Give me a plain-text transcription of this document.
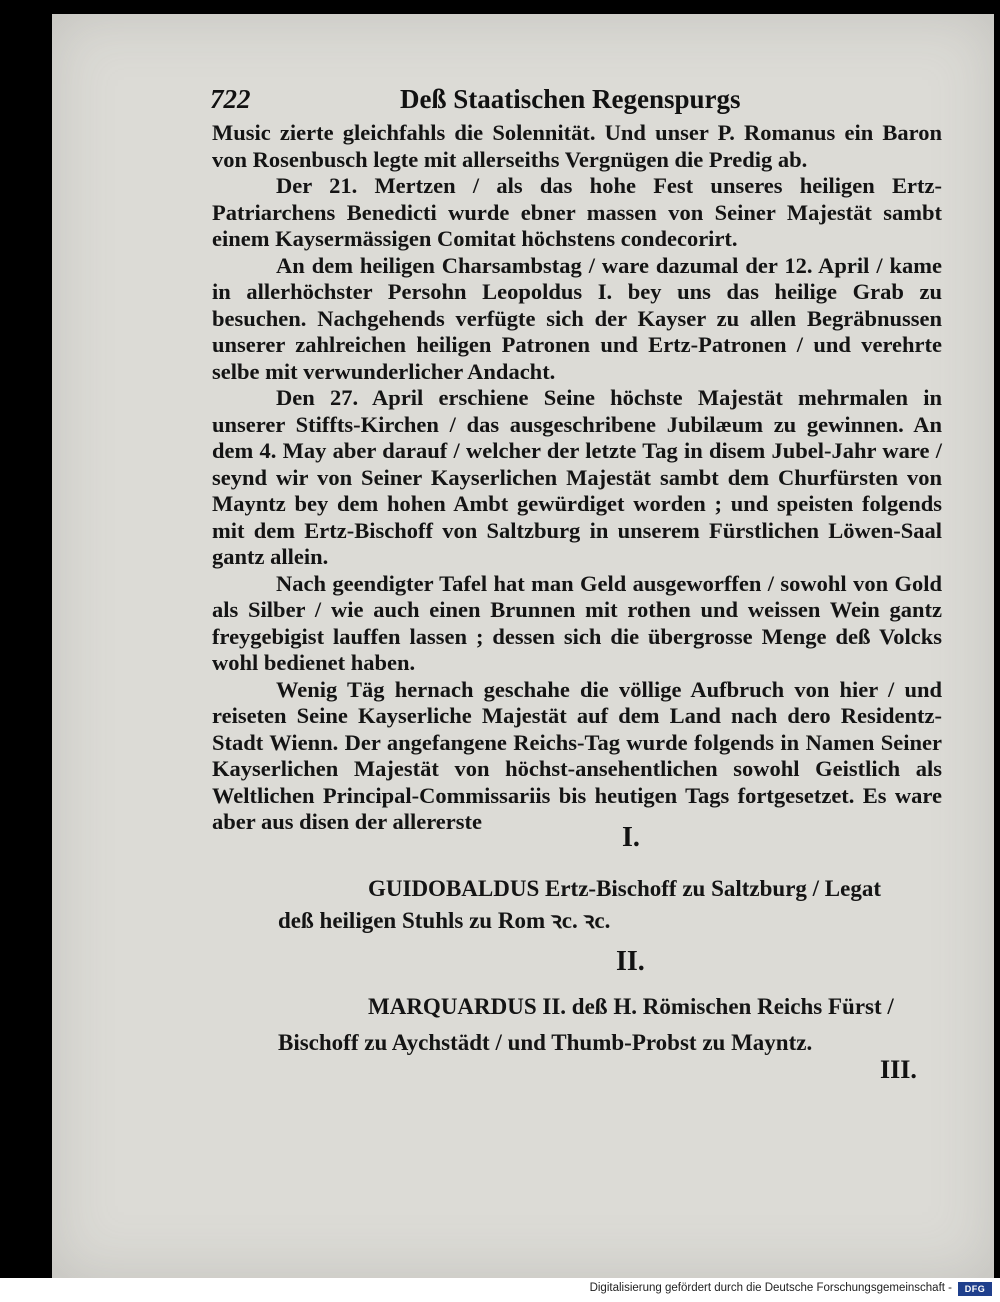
722	Deß Staatischen Regenspurgs

Music zierte gleichfahls die Solennität. Und unser P. Romanus ein Baron von Rosenbusch legte mit allerseiths Vergnügen die Predig ab.

Der 21. Mertzen / als das hohe Fest unseres heiligen Ertz-Patriarchens Benedicti wurde ebner massen von Seiner Majestät sambt einem Kaysermässigen Comitat höchstens condecorirt.

An dem heiligen Charsambstag / ware dazumal der 12. April / kame in allerhöchster Persohn Leopoldus I. bey uns das heilige Grab zu besuchen. Nachgehends verfügte sich der Kayser zu allen Begräbnussen unserer zahlreichen heiligen Patronen und Ertz-Patronen / und verehrte selbe mit verwunderlicher Andacht.

Den 27. April erschiene Seine höchste Majestät mehrmalen in unserer Stiffts-Kirchen / das ausgeschribene Jubilæum zu gewinnen. An dem 4. May aber darauf / welcher der letzte Tag in disem Jubel-Jahr ware / seynd wir von Seiner Kayserlichen Majestät sambt dem Churfürsten von Mayntz bey dem hohen Ambt gewürdiget worden ; und speisten folgends mit dem Ertz-Bischoff von Saltzburg in unserem Fürstlichen Löwen-Saal gantz allein.

Nach geendigter Tafel hat man Geld ausgeworffen / sowohl von Gold als Silber / wie auch einen Brunnen mit rothen und weissen Wein gantz freygebigist lauffen lassen ; dessen sich die übergrosse Menge deß Volcks wohl bedienet haben.

Wenig Täg hernach geschahe die völlige Aufbruch von hier / und reiseten Seine Kayserliche Majestät auf dem Land nach dero Residentz-Stadt Wienn. Der angefangene Reichs-Tag wurde folgends in Namen Seiner Kayserlichen Majestät von höchst-ansehentlichen sowohl Geistlich als Weltlichen Principal-Commissariis bis heutigen Tags fortgesetzet. Es ware aber aus disen der allererste

I.
GUIDOBALDUS Ertz-Bischoff zu Saltzburg / Legat
deß heiligen Stuhls zu Rom ꝛc. ꝛc.
II.
MARQUARDUS II. deß H. Römischen Reichs Fürst /
Bischoff zu Aychstädt / und Thumb-Probst zu Mayntz.
III.
Digitalisierung gefördert durch die Deutsche Forschungsgemeinschaft -	DFG
